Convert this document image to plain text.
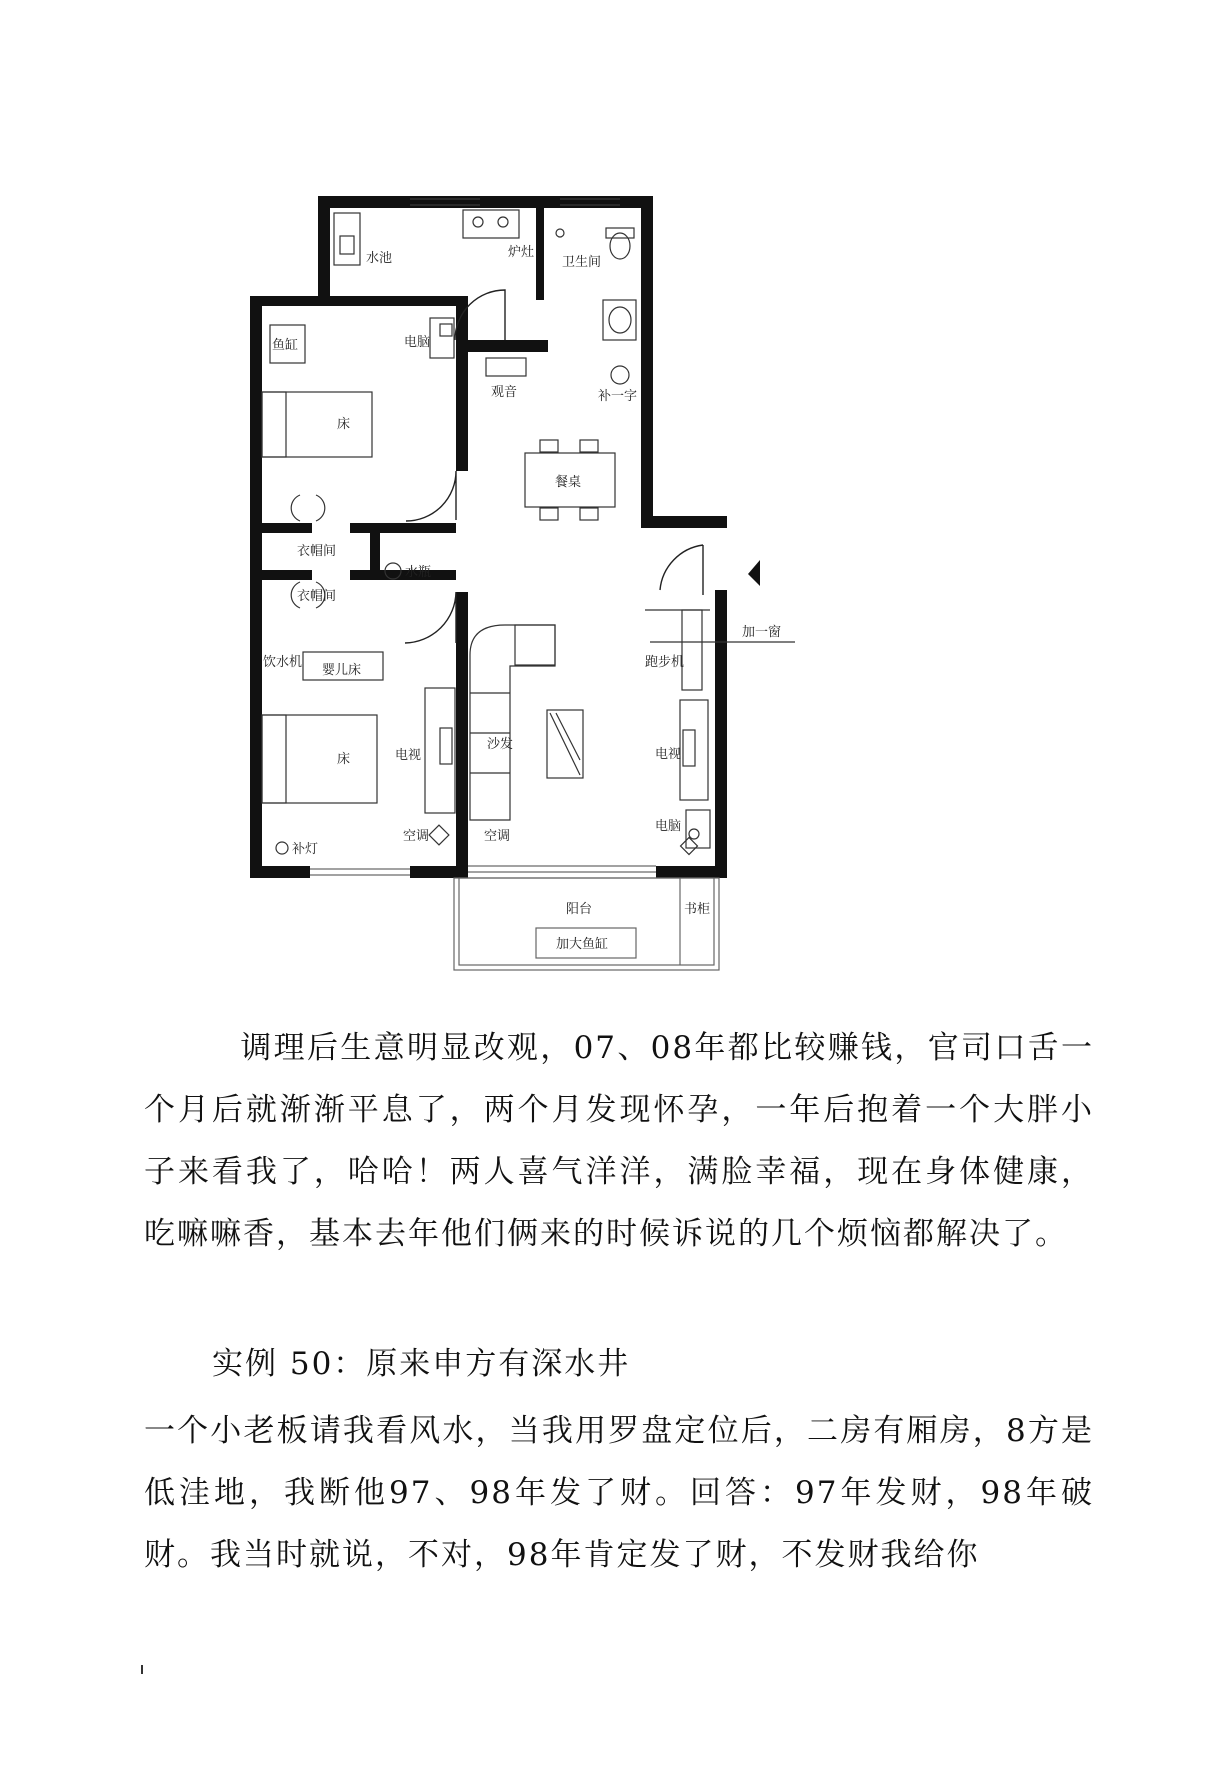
水池	炉灶
卫生间
鱼缸	电脑
观音	补一字
床
餐桌
衣帽间
水瓶
衣帽间
饮水机
婴儿床
床	电视
沙发
跑步机
电视
电脑
空调	空调
补灯
加一窗
阳台	书柜
加大鱼缸

调理后生意明显改观，07、08年都比较赚钱，官司口舌一个月后就渐渐平息了，两个月发现怀孕，一年后抱着一个大胖小子来看我了，哈哈！两人喜气洋洋，满脸幸福，现在身体健康，吃嘛嘛香，基本去年他们俩来的时候诉说的几个烦恼都解决了。

实例 50：原来申方有深水井

一个小老板请我看风水，当我用罗盘定位后，二房有厢房，8方是低洼地，我断他97、98年发了财。回答：97年发财，98年破财。我当时就说，不对，98年肯定发了财，不发财我给你
